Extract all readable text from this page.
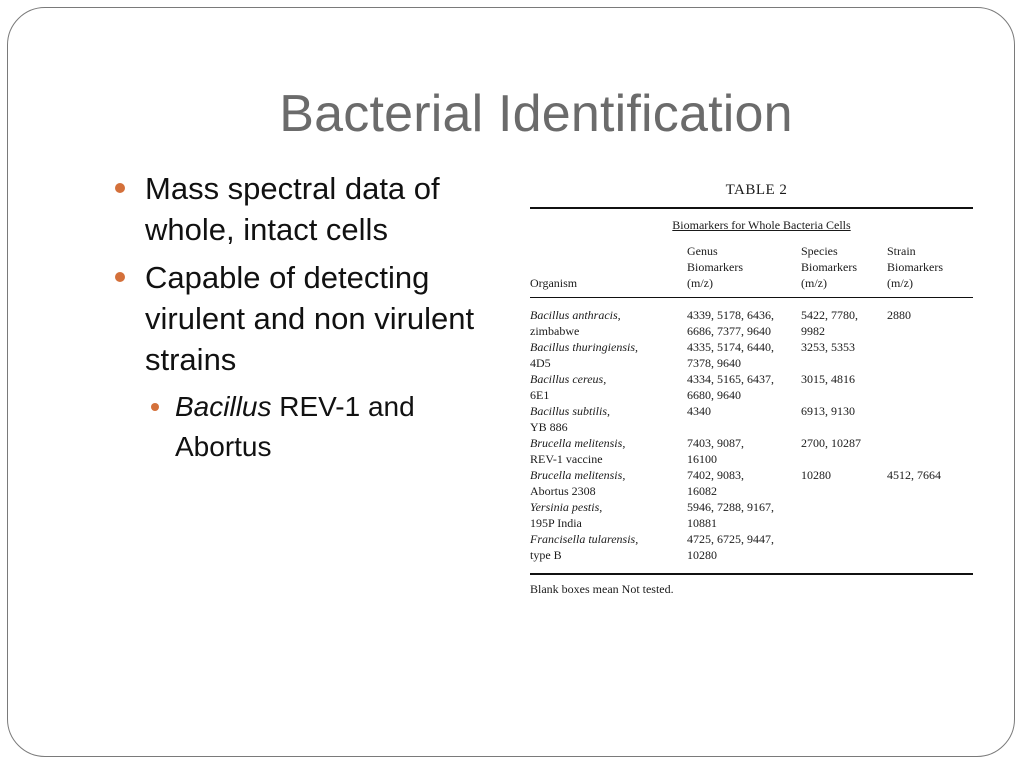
Bacterial Identification
Mass spectral data of whole, intact cells
Capable of detecting virulent and non virulent strains
Bacillus REV-1 and Abortus
TABLE 2
Biomarkers for Whole Bacteria Cells
Organism
Genus
Biomarkers
(m/z)
Species
Biomarkers
(m/z)
Strain
Biomarkers
(m/z)
Bacillus anthracis,
zimbabwe
4339, 5178, 6436,
6686, 7377, 9640
5422, 7780,
9982
2880
Bacillus thuringiensis,
4D5
4335, 5174, 6440,
7378, 9640
3253, 5353
Bacillus cereus,
6E1
4334, 5165, 6437,
6680, 9640
3015, 4816
Bacillus subtilis,
YB 886
4340	6913, 9130
Brucella melitensis,
REV-1 vaccine
7403, 9087,
16100
2700, 10287
Brucella melitensis,
Abortus 2308
7402, 9083,
16082
10280	4512, 7664
Yersinia pestis,
195P India
5946, 7288, 9167,
10881
Francisella tularensis,
type B
4725, 6725, 9447,
10280
Blank boxes mean Not tested.
